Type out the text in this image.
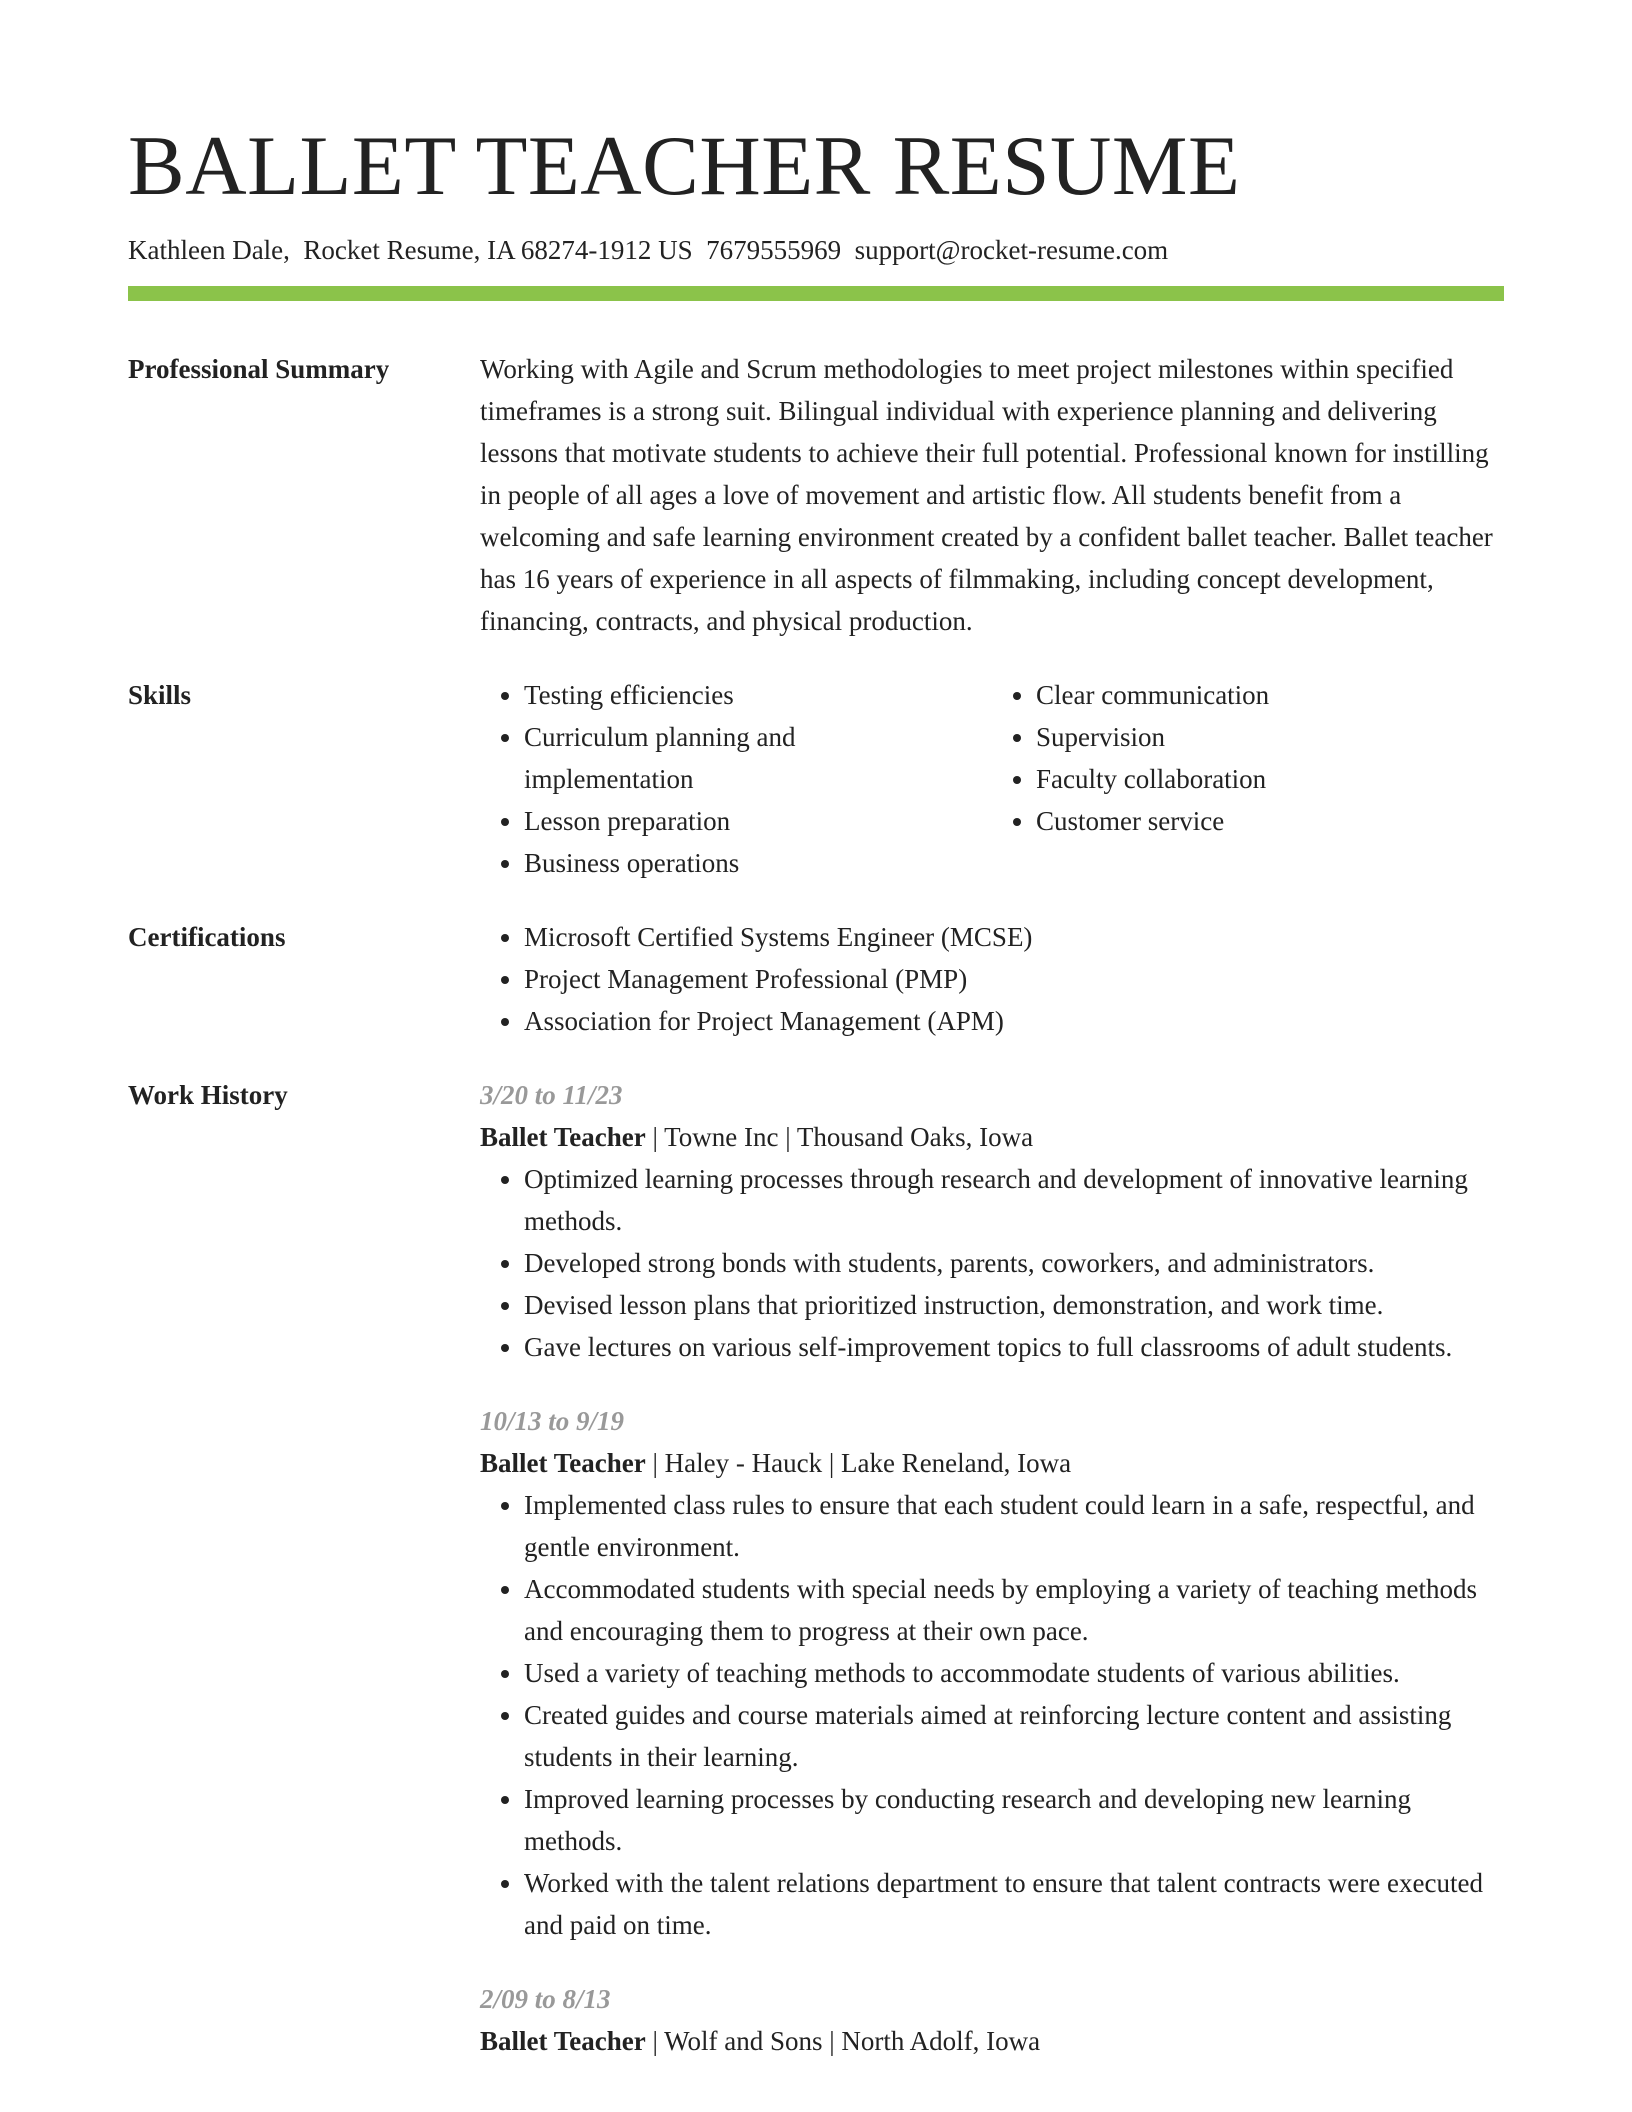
BALLET TEACHER RESUME

Kathleen Dale, Rocket Resume, IA 68274-1912 US 7679555969 support@rocket-resume.com

Professional Summary	Working with Agile and Scrum methodologies to meet project milestones within specified timeframes is a strong suit. Bilingual individual with experience planning and delivering lessons that motivate students to achieve their full potential. Professional known for instilling in people of all ages a love of movement and artistic flow. All students benefit from a welcoming and safe learning environment created by a confident ballet teacher. Ballet teacher has 16 years of experience in all aspects of filmmaking, including concept development, financing, contracts, and physical production.

Skills	• Testing efficiencies
• Curriculum planning and implementation
• Lesson preparation
• Business operations
• Clear communication
• Supervision
• Faculty collaboration
• Customer service
Certifications	• Microsoft Certified Systems Engineer (MCSE)
• Project Management Professional (PMP)
• Association for Project Management (APM)
Work History	3/20 to 11/23

Ballet Teacher | Towne Inc | Thousand Oaks, Iowa

• Optimized learning processes through research and development of innovative learning methods.
• Developed strong bonds with students, parents, coworkers, and administrators.
• Devised lesson plans that prioritized instruction, demonstration, and work time.
• Gave lectures on various self-improvement topics to full classrooms of adult students.

10/13 to 9/19

Ballet Teacher | Haley - Hauck | Lake Reneland, Iowa

• Implemented class rules to ensure that each student could learn in a safe, respectful, and gentle environment.
• Accommodated students with special needs by employing a variety of teaching methods and encouraging them to progress at their own pace.
• Used a variety of teaching methods to accommodate students of various abilities.
• Created guides and course materials aimed at reinforcing lecture content and assisting students in their learning.
• Improved learning processes by conducting research and developing new learning methods.
• Worked with the talent relations department to ensure that talent contracts were executed and paid on time.

2/09 to 8/13

Ballet Teacher | Wolf and Sons | North Adolf, Iowa
